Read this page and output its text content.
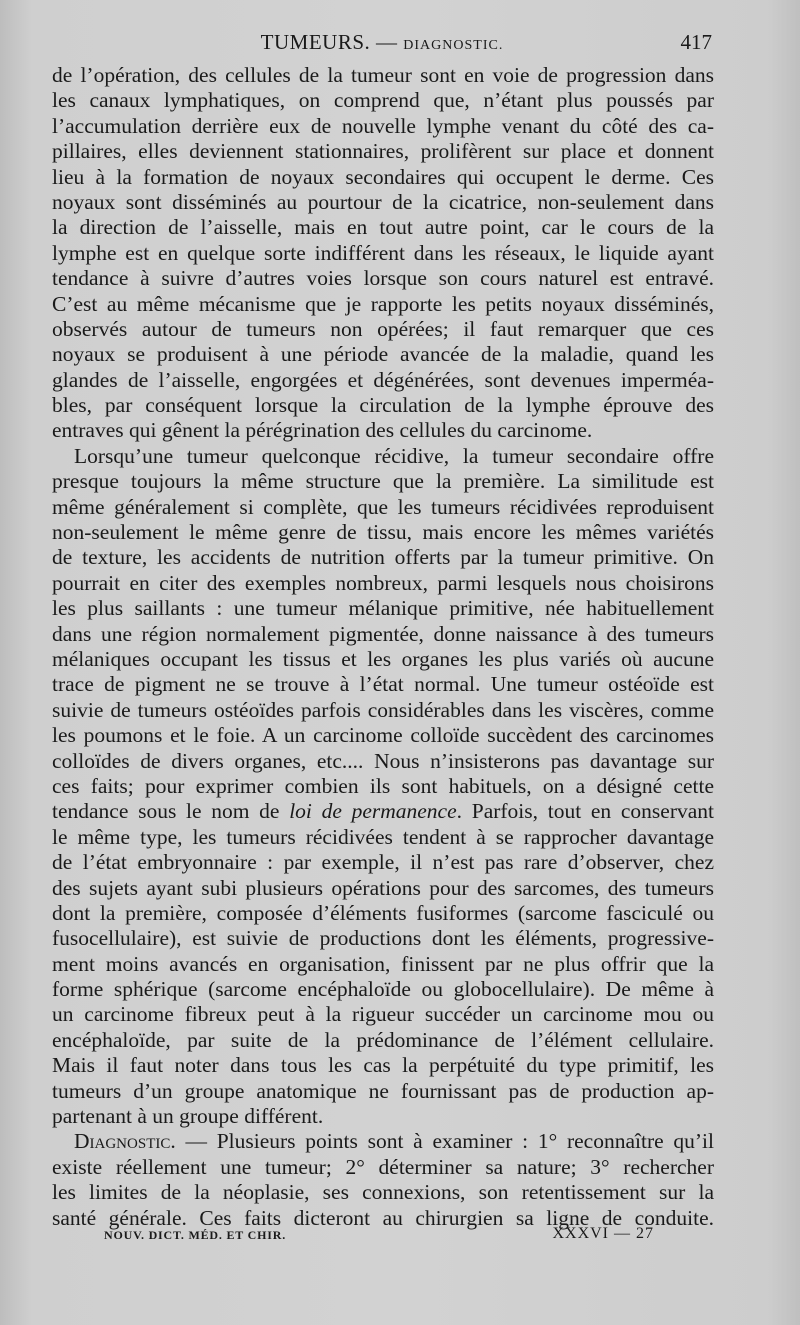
TUMEURS. — DIAGNOSTIC.	417
de l’opération, des cellules de la tumeur sont en voie de progression dans
les canaux lymphatiques, on comprend que, n’étant plus poussés par
l’accumulation derrière eux de nouvelle lymphe venant du côté des ca-
pillaires, elles deviennent stationnaires, prolifèrent sur place et donnent
lieu à la formation de noyaux secondaires qui occupent le derme. Ces
noyaux sont disséminés au pourtour de la cicatrice, non-seulement dans
la direction de l’aisselle, mais en tout autre point, car le cours de la
lymphe est en quelque sorte indifférent dans les réseaux, le liquide ayant
tendance à suivre d’autres voies lorsque son cours naturel est entravé.
C’est au même mécanisme que je rapporte les petits noyaux disséminés,
observés autour de tumeurs non opérées; il faut remarquer que ces
noyaux se produisent à une période avancée de la maladie, quand les
glandes de l’aisselle, engorgées et dégénérées, sont devenues imperméa-
bles, par conséquent lorsque la circulation de la lymphe éprouve des
entraves qui gênent la pérégrination des cellules du carcinome.
Lorsqu’une tumeur quelconque récidive, la tumeur secondaire offre
presque toujours la même structure que la première. La similitude est
même généralement si complète, que les tumeurs récidivées reproduisent
non-seulement le même genre de tissu, mais encore les mêmes variétés
de texture, les accidents de nutrition offerts par la tumeur primitive. On
pourrait en citer des exemples nombreux, parmi lesquels nous choisirons
les plus saillants : une tumeur mélanique primitive, née habituellement
dans une région normalement pigmentée, donne naissance à des tumeurs
mélaniques occupant les tissus et les organes les plus variés où aucune
trace de pigment ne se trouve à l’état normal. Une tumeur ostéoïde est
suivie de tumeurs ostéoïdes parfois considérables dans les viscères, comme
les poumons et le foie. A un carcinome colloïde succèdent des carcinomes
colloïdes de divers organes, etc.... Nous n’insisterons pas davantage sur
ces faits; pour exprimer combien ils sont habituels, on a désigné cette
tendance sous le nom de loi de permanence. Parfois, tout en conservant
le même type, les tumeurs récidivées tendent à se rapprocher davantage
de l’état embryonnaire : par exemple, il n’est pas rare d’observer, chez
des sujets ayant subi plusieurs opérations pour des sarcomes, des tumeurs
dont la première, composée d’éléments fusiformes (sarcome fasciculé ou
fusocellulaire), est suivie de productions dont les éléments, progressive-
ment moins avancés en organisation, finissent par ne plus offrir que la
forme sphérique (sarcome encéphaloïde ou globocellulaire). De même à
un carcinome fibreux peut à la rigueur succéder un carcinome mou ou
encéphaloïde, par suite de la prédominance de l’élément cellulaire.
Mais il faut noter dans tous les cas la perpétuité du type primitif, les
tumeurs d’un groupe anatomique ne fournissant pas de production ap-
partenant à un groupe différent.
Diagnostic. — Plusieurs points sont à examiner : 1° reconnaître qu’il
existe réellement une tumeur; 2° déterminer sa nature; 3° rechercher
les limites de la néoplasie, ses connexions, son retentissement sur la
santé générale. Ces faits dicteront au chirurgien sa ligne de conduite.
NOUV. DICT. MÉD. ET CHIR.	XXXVI — 27
